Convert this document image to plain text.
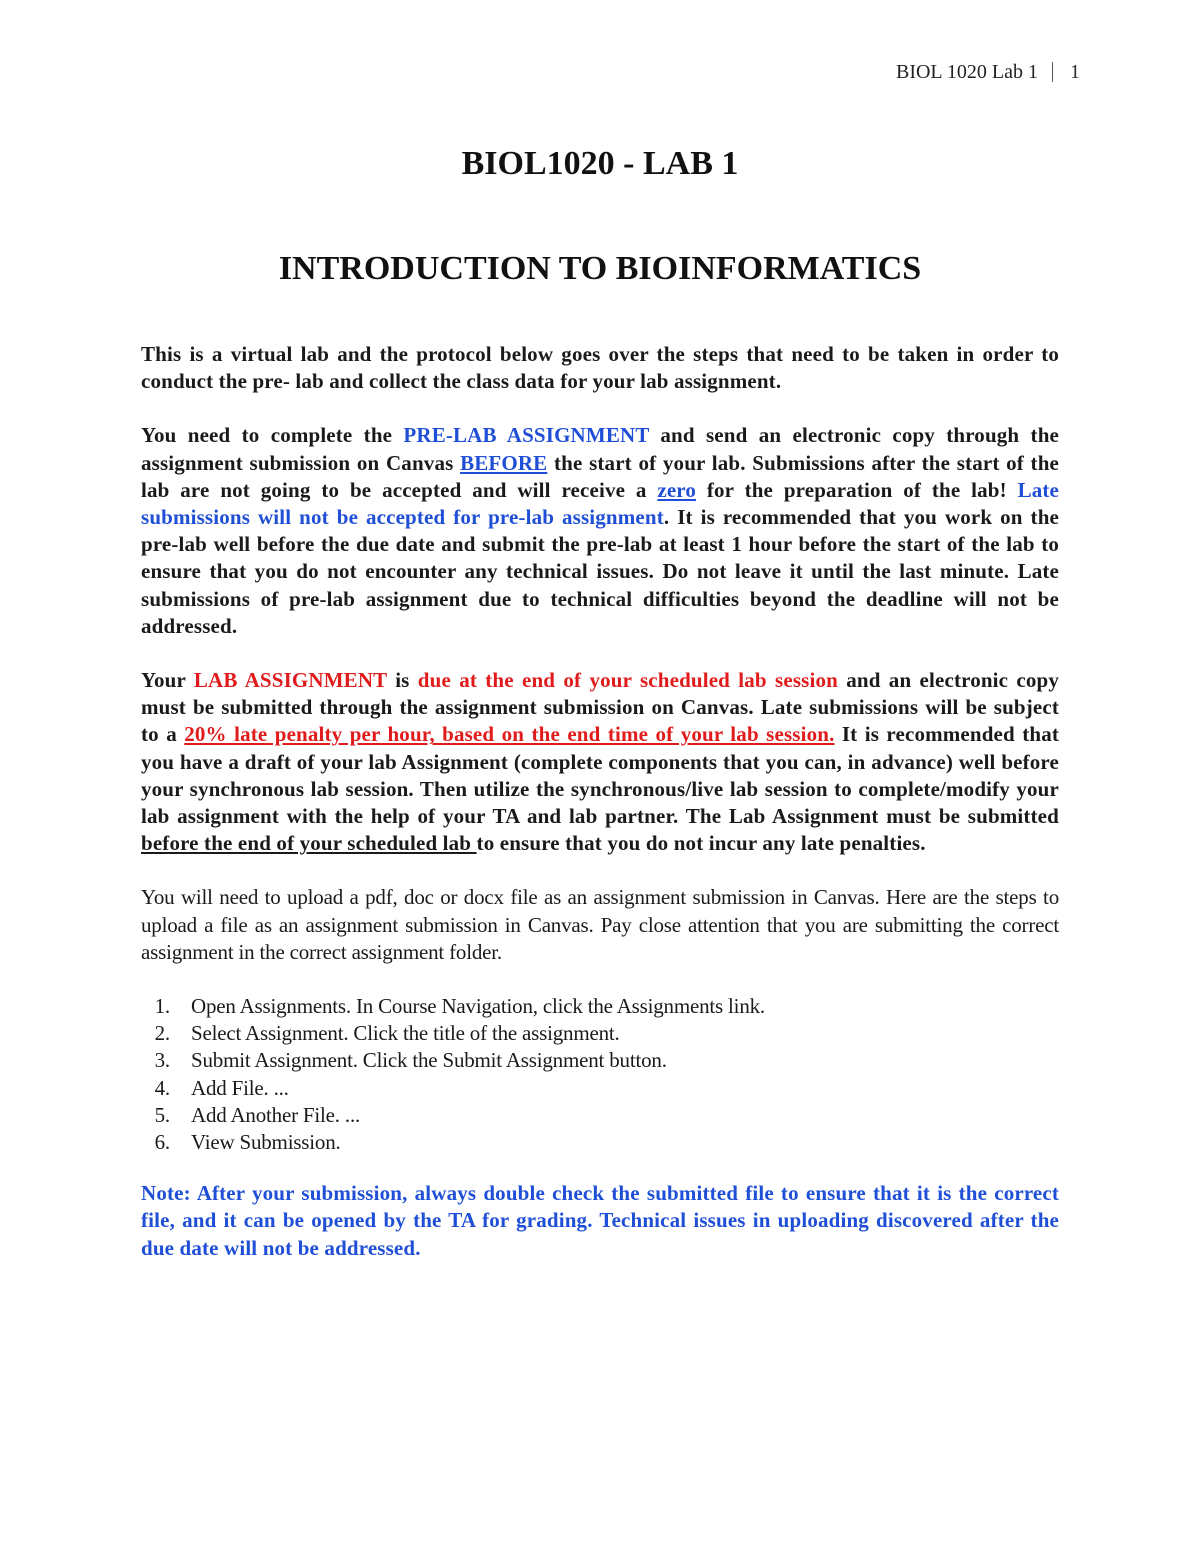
BIOL 1020 Lab 1	1
BIOL1020 - LAB 1
INTRODUCTION TO BIOINFORMATICS

This is a virtual lab and the protocol below goes over the steps that need to be taken in order to conduct the pre- lab and collect the class data for your lab assignment.

You need to complete the PRE-LAB ASSIGNMENT and send an electronic copy through the assignment submission on Canvas BEFORE the start of your lab. Submissions after the start of the lab are not going to be accepted and will receive a zero for the preparation of the lab! Late submissions will not be accepted for pre-lab assignment. It is recommended that you work on the pre-lab well before the due date and submit the pre-lab at least 1 hour before the start of the lab to ensure that you do not encounter any technical issues. Do not leave it until the last minute. Late submissions of pre-lab assignment due to technical difficulties beyond the deadline will not be addressed.

Your LAB ASSIGNMENT is due at the end of your scheduled lab session and an electronic copy must be submitted through the assignment submission on Canvas. Late submissions will be subject to a 20% late penalty per hour, based on the end time of your lab session. It is recommended that you have a draft of your lab Assignment (complete components that you can, in advance) well before your synchronous lab session. Then utilize the synchronous/live lab session to complete/modify your lab assignment with the help of your TA and lab partner. The Lab Assignment must be submitted before the end of your scheduled lab to ensure that you do not incur any late penalties.

You will need to upload a pdf, doc or docx file as an assignment submission in Canvas. Here are the steps to upload a file as an assignment submission in Canvas. Pay close attention that you are submitting the correct assignment in the correct assignment folder.

1. Open Assignments. In Course Navigation, click the Assignments link.
2. Select Assignment. Click the title of the assignment.
3. Submit Assignment. Click the Submit Assignment button.
4. Add File. ...
5. Add Another File. ...
6. View Submission.

Note: After your submission, always double check the submitted file to ensure that it is the correct file, and it can be opened by the TA for grading. Technical issues in uploading discovered after the due date will not be addressed.
